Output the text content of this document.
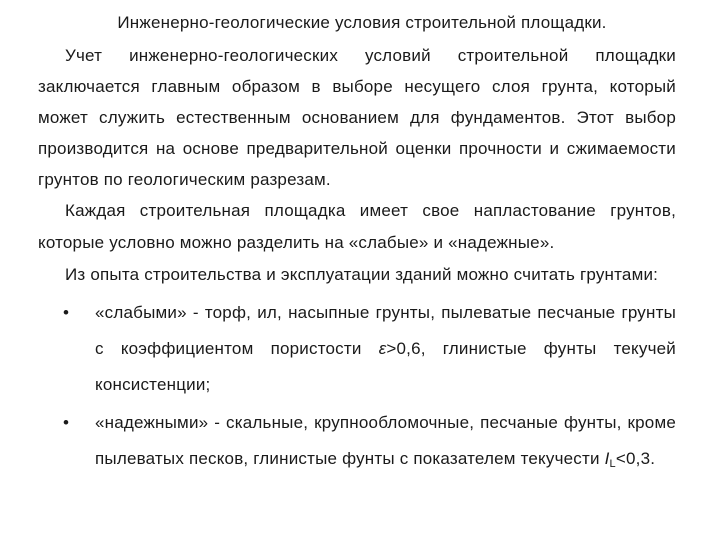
Инженерно-геологические условия строительной площадки.

Учет инженерно-геологических условий строительной площадки заключается главным образом в выборе несущего слоя грунта, который может служить естественным основанием для фундаментов. Этот выбор производится на основе предварительной оценки прочности и сжимаемости грунтов по геологическим разрезам.

Каждая строительная площадка имеет свое напластование грунтов, которые условно можно разделить на «слабые» и «надежные».

Из опыта строительства и эксплуатации зданий можно считать грунтами:

• «слабыми» - торф, ил, насыпные грунты, пылеватые песчаные грунты с коэффициентом пористости ε>0,6, глинистые фунты текучей консистенции;
• «надежными» - скальные, крупнообломочные, песчаные фунты, кроме пылеватых песков, глинистые фунты с показателем текучести $I_L<0,3$.
